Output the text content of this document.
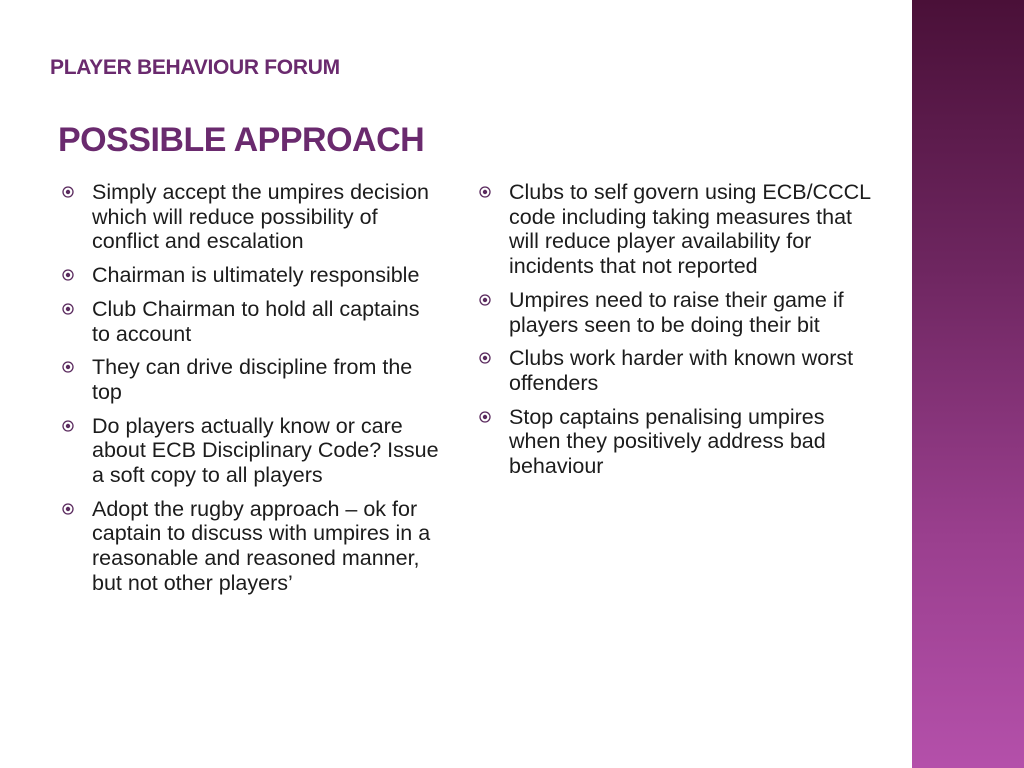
PLAYER BEHAVIOUR FORUM
POSSIBLE APPROACH
Simply accept the umpires decision which will reduce possibility of conflict and escalation
Chairman is ultimately responsible
Club Chairman to hold all captains to account
They can drive discipline from the top
Do players actually know or care about ECB Disciplinary Code? Issue a soft copy to all players
Adopt the rugby approach – ok for captain to discuss with umpires in a reasonable and reasoned manner, but not other players’
Clubs to self govern using ECB/CCCL code including taking measures that will reduce player availability for incidents that not reported
Umpires need to raise their game if players seen to be doing their bit
Clubs work harder with known worst offenders
Stop captains penalising umpires when they positively address bad behaviour
